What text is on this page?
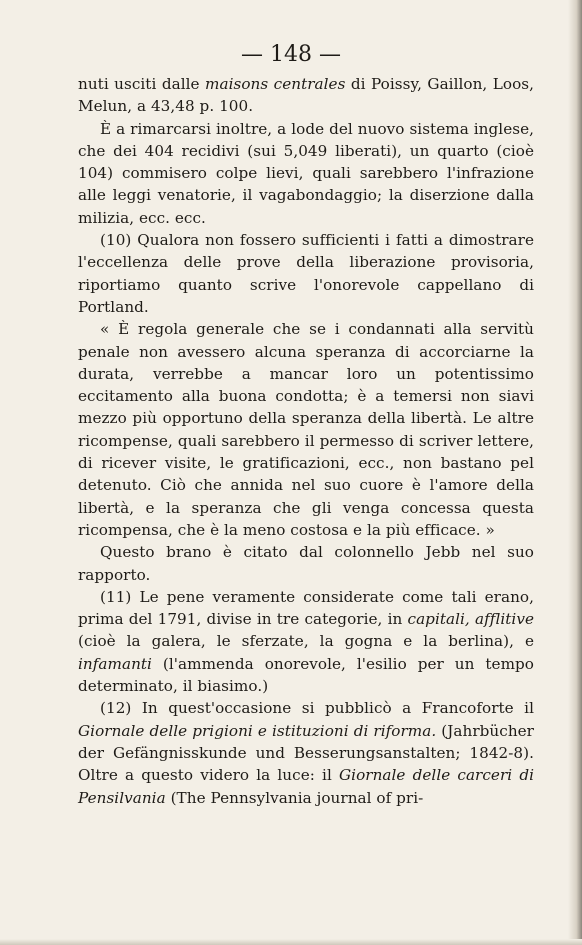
— 148 —

nuti usciti dalle maisons centrales di Poissy, Gaillon, Loos, Melun, a 43,48 p. 100.

È a rimarcarsi inoltre, a lode del nuovo sistema inglese, che dei 404 recidivi (sui 5,049 liberati), un quarto (cioè 104) commisero colpe lievi, quali sarebbero l'infrazione alle leggi venatorie, il vagabondaggio; la diserzione dalla milizia, ecc. ecc.

(10) Qualora non fossero sufficienti i fatti a dimostrare l'eccellenza delle prove della liberazione provisoria, riportiamo quanto scrive l'onorevole cappellano di Portland.

« È regola generale che se i condannati alla servitù penale non avessero alcuna speranza di accorciarne la durata, verrebbe a mancar loro un potentissimo eccitamento alla buona condotta; è a temersi non siavi mezzo più opportuno della speranza della libertà. Le altre ricompense, quali sarebbero il permesso di scriver lettere, di ricever visite, le gratificazioni, ecc., non bastano pel detenuto. Ciò che annida nel suo cuore è l'amore della libertà, e la speranza che gli venga concessa questa ricompensa, che è la meno costosa e la più efficace. »

Questo brano è citato dal colonnello Jebb nel suo rapporto.

(11) Le pene veramente considerate come tali erano, prima del 1791, divise in tre categorie, in capitali, afflitive (cioè la galera, le sferzate, la gogna e la berlina), e infamanti (l'ammenda onorevole, l'esilio per un tempo determinato, il biasimo.)

(12) In quest'occasione si pubblicò a Francoforte il Giornale delle prigioni e istituzioni di riforma. (Jahrbücher der Gefängnisskunde und Besserungsanstalten; 1842-8). Oltre a questo videro la luce: il Giornale delle carceri di Pensilvania (The Pennsylvania journal of pri-
